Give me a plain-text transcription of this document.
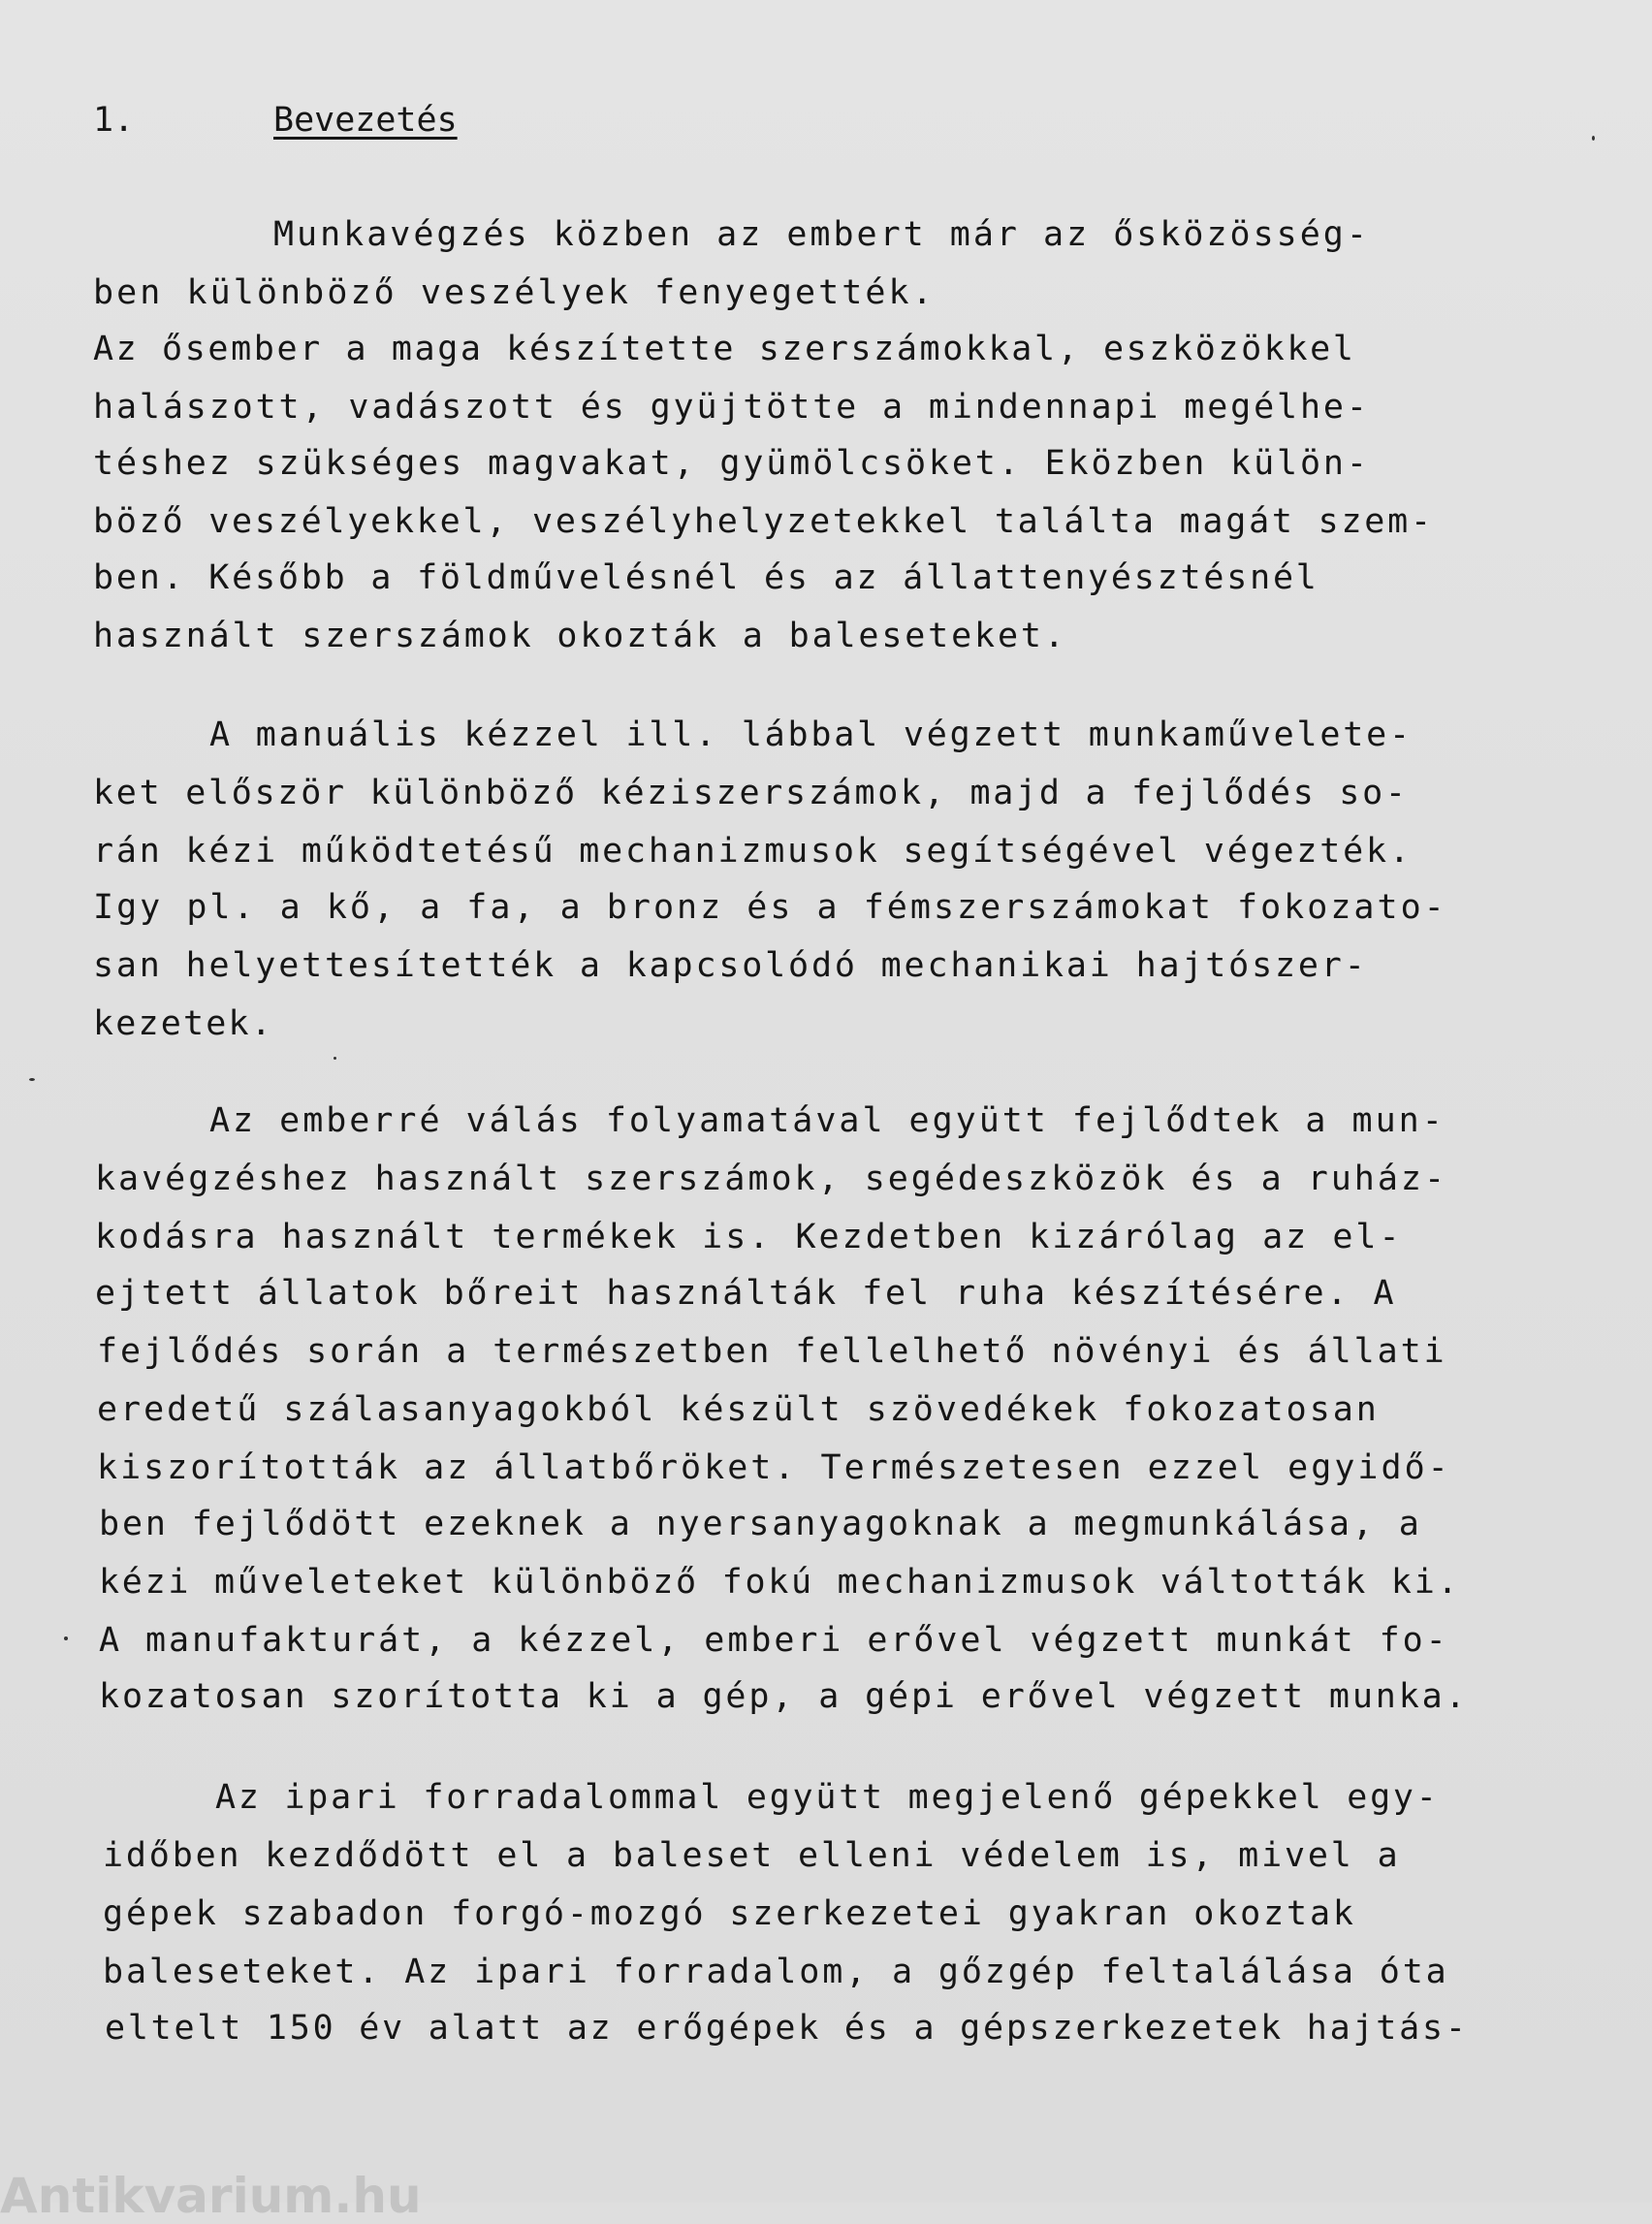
1.	Bevezetés
Munkavégzés közben az embert már az ősközösség-
ben különböző veszélyek fenyegették.
Az ősember a maga készítette szerszámokkal, eszközökkel
halászott, vadászott és gyüjtötte a mindennapi megélhe-
téshez szükséges magvakat, gyümölcsöket. Eközben külön-
böző veszélyekkel, veszélyhelyzetekkel találta magát szem-
ben. Később a földművelésnél és az állattenyésztésnél
használt szerszámok okozták a baleseteket.
A manuális kézzel ill. lábbal végzett munkaművelete-
ket először különböző kéziszerszámok, majd a fejlődés so-
rán kézi működtetésű mechanizmusok segítségével végezték.
Igy pl. a kő, a fa, a bronz és a fémszerszámokat fokozato-
san helyettesítették a kapcsolódó mechanikai hajtószer-
kezetek.
Az emberré válás folyamatával együtt fejlődtek a mun-
kavégzéshez használt szerszámok, segédeszközök és a ruház-
kodásra használt termékek is. Kezdetben kizárólag az el-
ejtett állatok bőreit használták fel ruha készítésére. A
fejlődés során a természetben fellelhető növényi és állati
eredetű szálasanyagokból készült szövedékek fokozatosan
kiszorították az állatbőröket. Természetesen ezzel egyidő-
ben fejlődött ezeknek a nyersanyagoknak a megmunkálása, a
kézi műveleteket különböző fokú mechanizmusok váltották ki.
A manufakturát, a kézzel, emberi erővel végzett munkát fo-
kozatosan szorította ki a gép, a gépi erővel végzett munka.
Az ipari forradalommal együtt megjelenő gépekkel egy-
időben kezdődött el a baleset elleni védelem is, mivel a
gépek szabadon forgó-mozgó szerkezetei gyakran okoztak
baleseteket. Az ipari forradalom, a gőzgép feltalálása óta
eltelt 150 év alatt az erőgépek és a gépszerkezetek hajtás-
Antikvarium.hu
